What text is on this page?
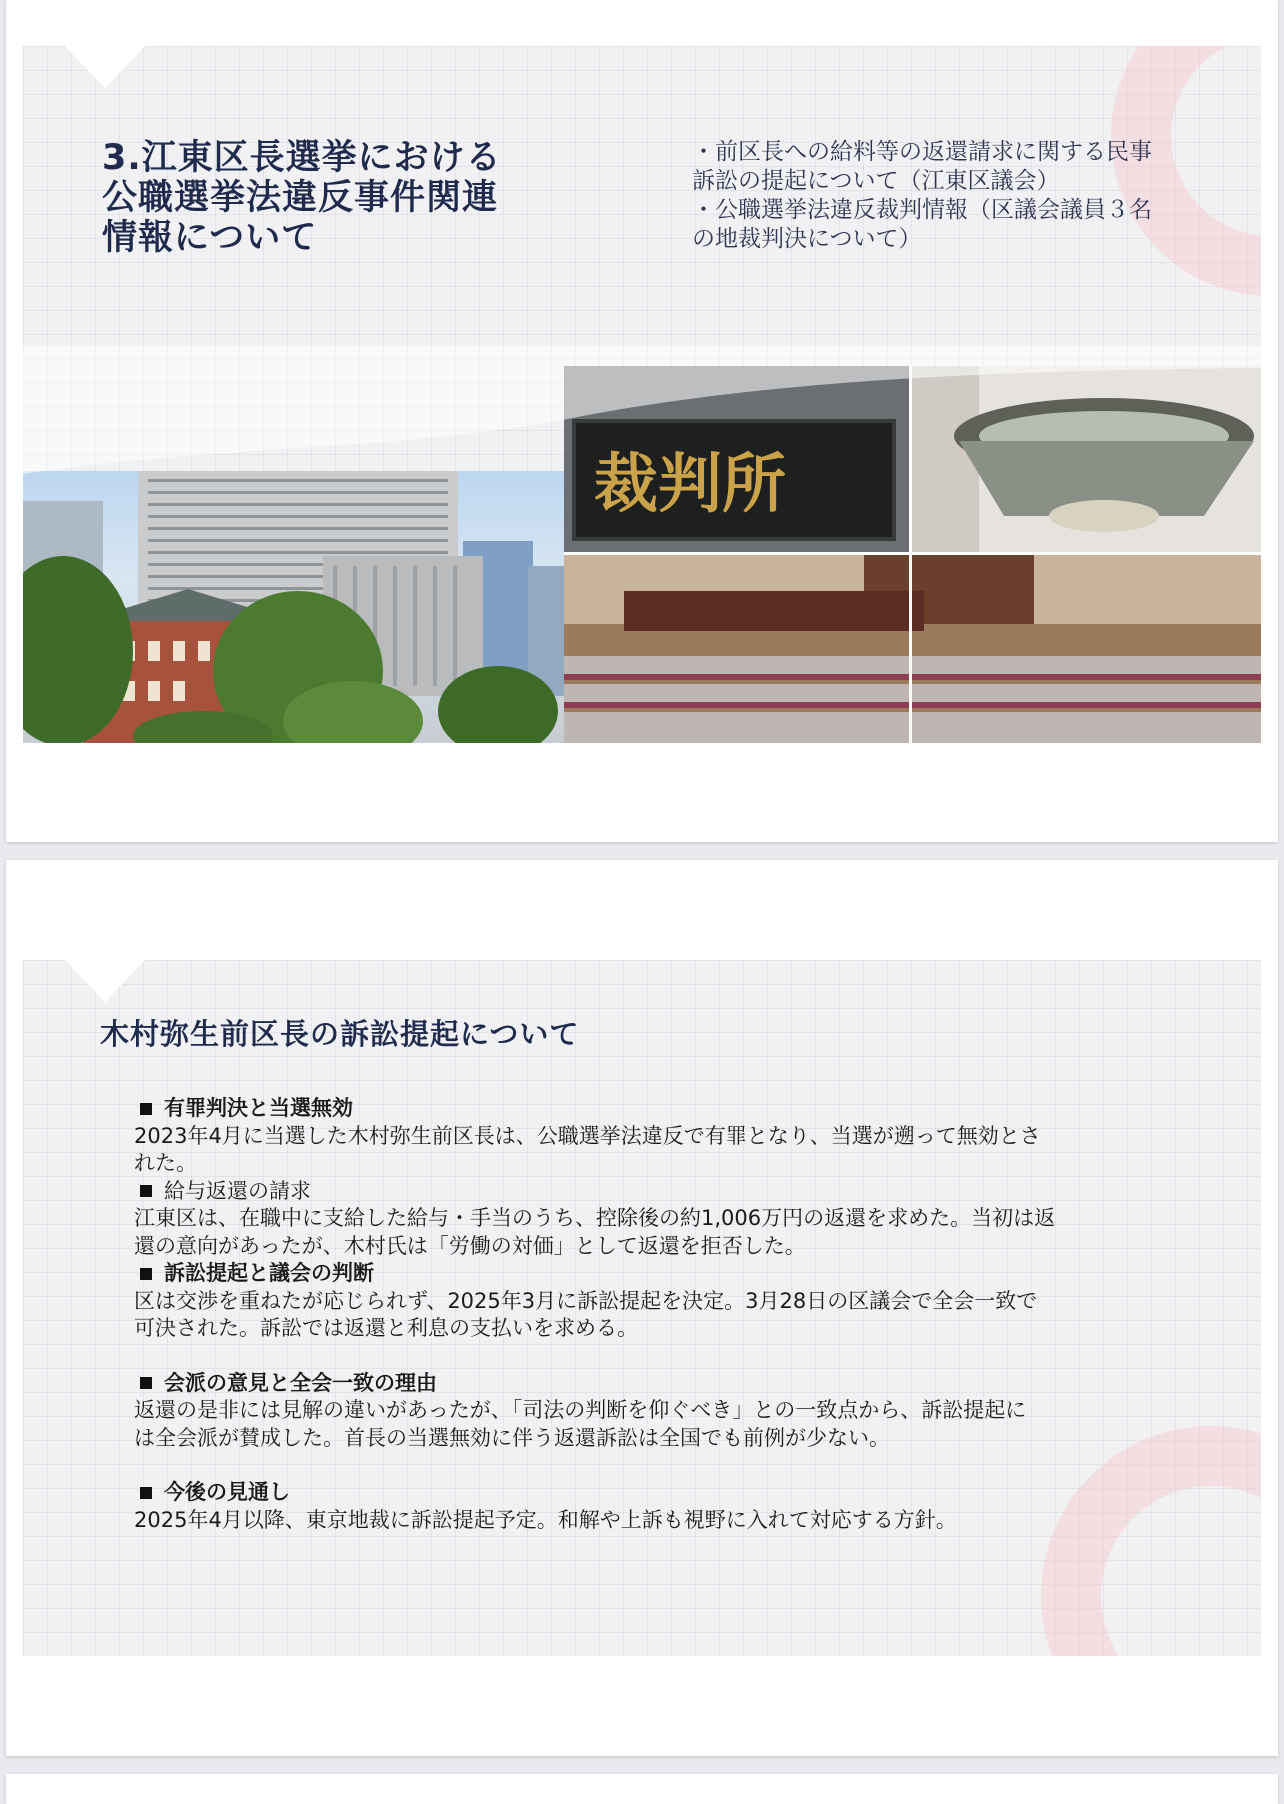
3.江東区長選挙における
公職選挙法違反事件関連
情報について

・前区長への給料等の返還請求に関する民事
訴訟の提起について（江東区議会）
・公職選挙法違反裁判情報（区議会議員３名
の地裁判決について）

裁判所
木村弥生前区長の訴訟提起について
有罪判決と当選無効
2023年4月に当選した木村弥生前区長は、公職選挙法違反で有罪となり、当選が遡って無効とさ
れた。
給与返還の請求
江東区は、在職中に支給した給与・手当のうち、控除後の約1,006万円の返還を求めた。当初は返
還の意向があったが、木村氏は「労働の対価」として返還を拒否した。
訴訟提起と議会の判断
区は交渉を重ねたが応じられず、2025年3月に訴訟提起を決定。3月28日の区議会で全会一致で
可決された。訴訟では返還と利息の支払いを求める。
会派の意見と全会一致の理由
返還の是非には見解の違いがあったが、「司法の判断を仰ぐべき」との一致点から、訴訟提起に
は全会派が賛成した。首長の当選無効に伴う返還訴訟は全国でも前例が少ない。
今後の見通し
2025年4月以降、東京地裁に訴訟提起予定。和解や上訴も視野に入れて対応する方針。
